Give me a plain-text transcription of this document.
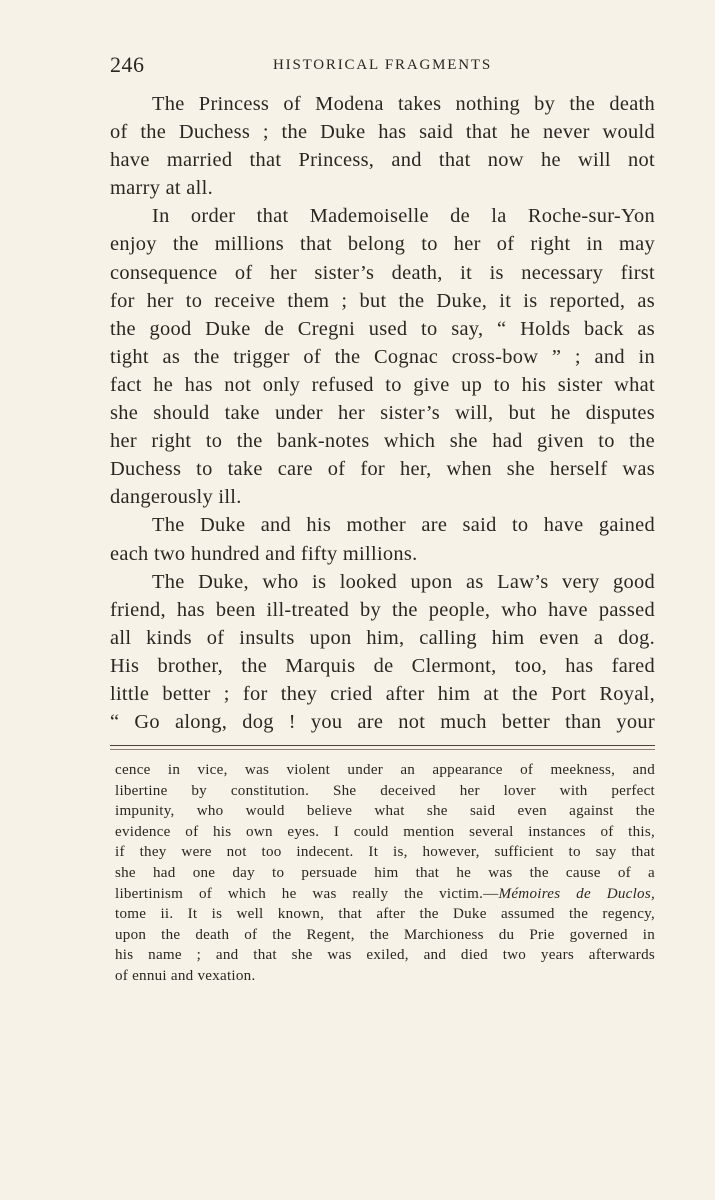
246	HISTORICAL FRAGMENTS
The Princess of Modena takes nothing by the death
of the Duchess ; the Duke has said that he never would
have married that Princess, and that now he will not
marry at all.
In order that Mademoiselle de la Roche-sur-Yon
enjoy the millions that belong to her of right in may
consequence of her sister’s death, it is necessary first
for her to receive them ; but the Duke, it is reported, as
the good Duke de Cregni used to say, “ Holds back as
tight as the trigger of the Cognac cross-bow ” ; and in
fact he has not only refused to give up to his sister what
she should take under her sister’s will, but he disputes
her right to the bank-notes which she had given to the
Duchess to take care of for her, when she herself was
dangerously ill.
The Duke and his mother are said to have gained
each two hundred and fifty millions.
The Duke, who is looked upon as Law’s very good
friend, has been ill-treated by the people, who have passed
all kinds of insults upon him, calling him even a dog.
His brother, the Marquis de Clermont, too, has fared
little better ; for they cried after him at the Port Royal,
“ Go along, dog ! you are not much better than your
cence in vice, was violent under an appearance of meekness, and
libertine by constitution. She deceived her lover with perfect
impunity, who would believe what she said even against the
evidence of his own eyes. I could mention several instances of this,
if they were not too indecent. It is, however, sufficient to say that
she had one day to persuade him that he was the cause of a
libertinism of which he was really the victim.—Mémoires de Duclos,
tome ii. It is well known, that after the Duke assumed the regency,
upon the death of the Regent, the Marchioness du Prie governed in
his name ; and that she was exiled, and died two years afterwards
of ennui and vexation.
